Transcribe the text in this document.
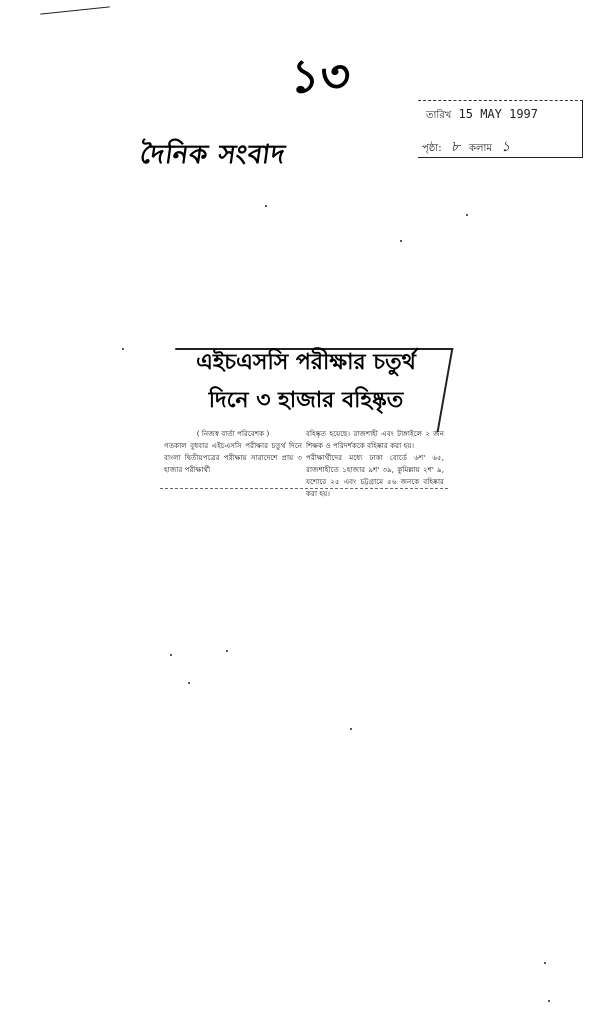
১৩
দৈনিক সংবাদ
তারিখ 15 MAY 1997
পৃষ্ঠা: ৮ কলাম ১
এইচএসসি পরীক্ষার চতুর্থ
দিনে ৩ হাজার বহিষ্কৃত
( নিজস্ব বার্তা পরিবেশক )
গতকাল বুধবার এইচএসসি পরীক্ষার চতুর্থ দিনে বাংলা দ্বিতীয়পত্রের পরীক্ষায় সারাদেশে প্রায় ৩ হাজার পরীক্ষার্থী
বহিষ্কৃত হয়েছে। রাজশাহী এবং টাঙ্গাইলে ২ জন শিক্ষক ও পরিদর্শককে বহিষ্কার করা হয়।
পরীক্ষার্থীদের মধ্যে ঢাকা বোর্ডে ৬শ' ৬৫, রাজশাহীতে ১হাজার ৯শ' ৩৯, কুমিল্লায় ২শ' ৯, যশোরে ২৫ এবং চট্টগ্রামে ৫৬ জনকে বহিষ্কার করা হয়।
